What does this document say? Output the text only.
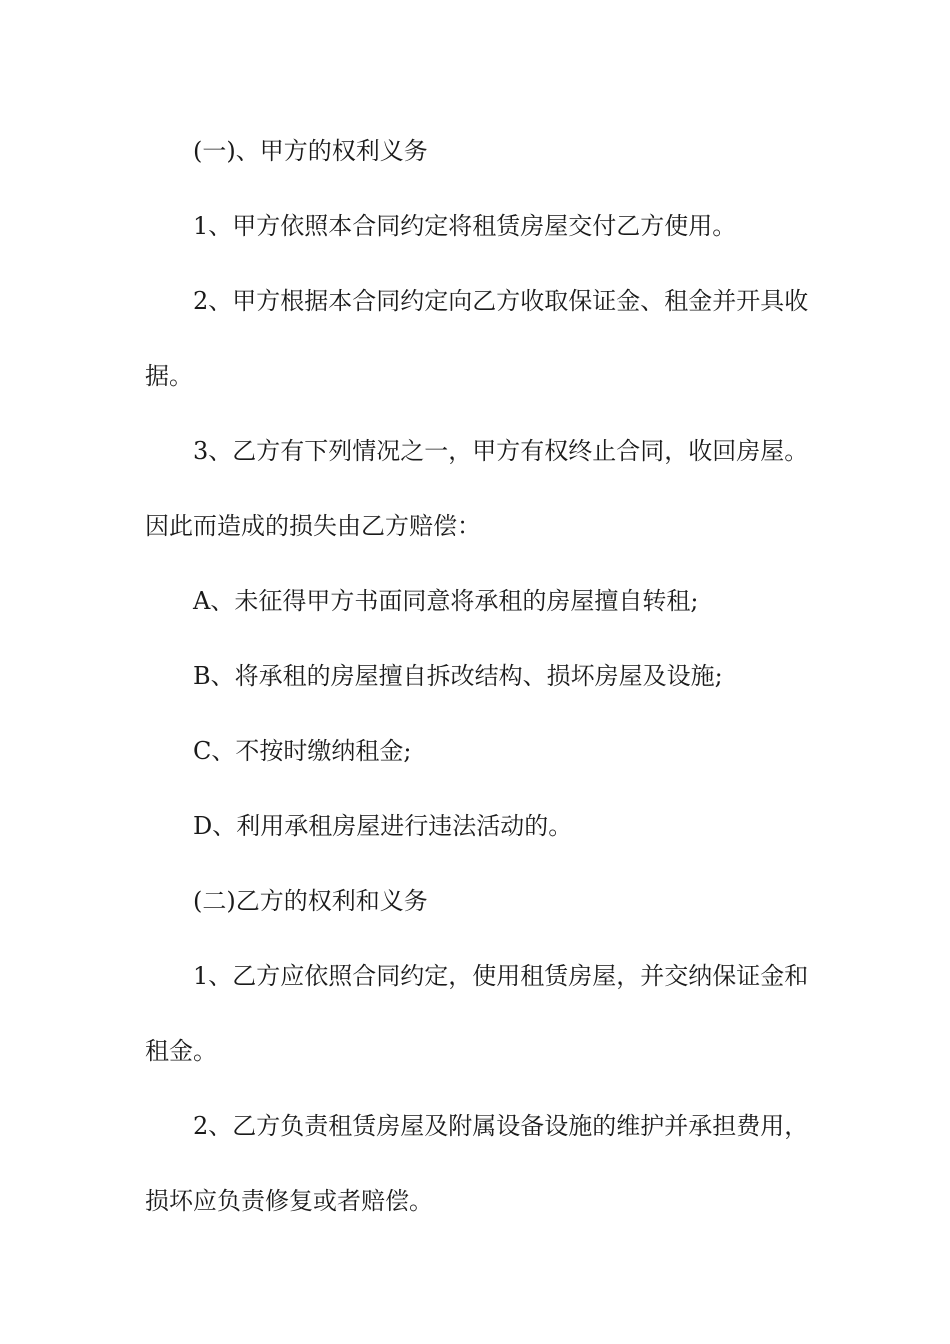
(一)、甲方的权利义务

1、甲方依照本合同约定将租赁房屋交付乙方使用。

2、甲方根据本合同约定向乙方收取保证金、租金并开具收

据。

3、乙方有下列情况之一，甲方有权终止合同，收回房屋。

因此而造成的损失由乙方赔偿：

A、未征得甲方书面同意将承租的房屋擅自转租;

B、将承租的房屋擅自拆改结构、损坏房屋及设施;

C、不按时缴纳租金;

D、利用承租房屋进行违法活动的。

(二)乙方的权利和义务

1、乙方应依照合同约定，使用租赁房屋，并交纳保证金和

租金。

2、乙方负责租赁房屋及附属设备设施的维护并承担费用，

损坏应负责修复或者赔偿。
